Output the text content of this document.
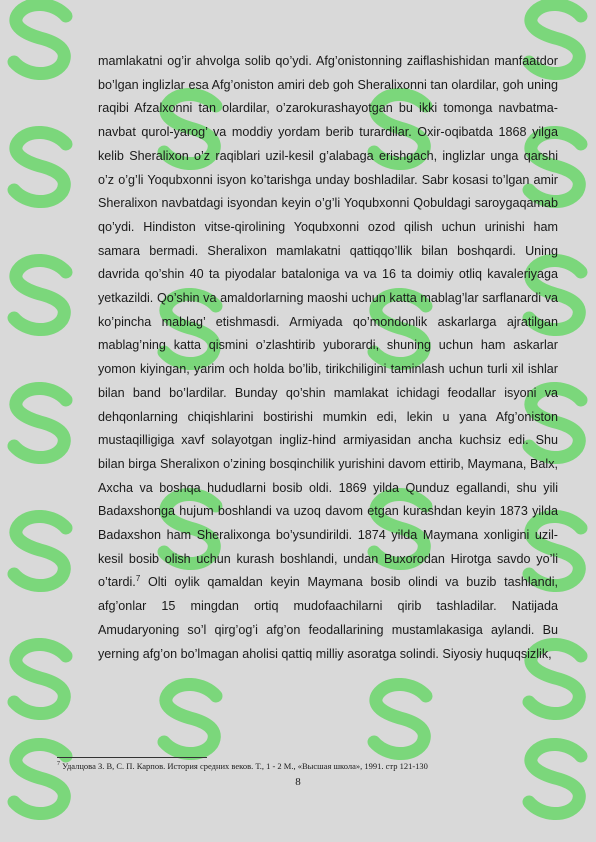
mamlakatni og’ir ahvolga solib qo’ydi. Afg’onistonning zaiflashishidan manfaatdor bo’lgan inglizlar esa Afg’oniston amiri deb goh Sheralixonni tan olardilar, goh uning raqibi Afzalxonni tan olardilar, o’zarokurashayotgan bu ikki tomonga navbatma-navbat qurol-yarog’ va moddiy yordam berib turardilar. Oxir-oqibatda 1868 yilga kelib Sheralixon o’z raqiblari uzil-kesil g’alabaga erishgach, inglizlar unga qarshi o’z o’g’li Yoqubxonni isyon ko’tarishga unday boshladilar. Sabr kosasi to’lgan amir Sheralixon navbatdagi isyondan keyin o’g’li Yoqubxonni Qobuldagi saroygaqamab qo’ydi. Hindiston vitse-qirolining Yoqubxonni ozod qilish uchun urinishi ham samara bermadi. Sheralixon mamlakatni qattiqqo’llik bilan boshqardi. Uning davrida qo’shin 40 ta piyodalar bataloniga va va 16 ta doimiy otliq kavaleriyaga yetkazildi. Qo’shin va amaldorlarning maoshi uchun katta mablag’lar sarflanardi va ko’pincha mablag’ etishmasdi. Armiyada qo’mondonlik askarlarga ajratilgan mablag’ning katta qismini o’zlashtirib yuborardi, shuning uchun ham askarlar yomon kiyingan, yarim och holda bo’lib, tirikchiligini taminlash uchun turli xil ishlar bilan band bo’lardilar. Bunday qo’shin mamlakat ichidagi feodallar isyoni va dehqonlarning chiqishlarini bostirishi mumkin edi, lekin u yana Afg’oniston mustaqilligiga xavf solayotgan ingliz-hind armiyasidan ancha kuchsiz edi. Shu bilan birga Sheralixon o’zining bosqinchilik yurishini davom ettirib, Maymana, Balx, Axcha va boshqa hududlarni bosib oldi. 1869 yilda Qunduz egallandi, shu yili Badaxshonga hujum boshlandi va uzoq davom etgan kurashdan keyin 1873 yilda Badaxshon ham Sheralixonga bo’ysundirildi. 1874 yilda Maymana xonligini uzil-kesil bosib olish uchun kurash boshlandi, undan Buxorodan Hirotga savdo yo’li o’tardi.$^7$ Olti oylik qamaldan keyin Maymana bosib olindi va buzib tashlandi, afg’onlar 15 mingdan ortiq mudofaachilarni qirib tashladilar. Natijada Amudaryoning so’l qirg’og’i afg’on feodallarining mustamlakasiga aylandi. Bu yerning afg’on bo’lmagan aholisi qattiq milliy asoratga solindi. Siyosiy huquqsizlik,

$^7$ Удалцова З. В, С. П. Карпов. История средних веков. Т., 1 - 2 М., «Высшая школа», 1991. стр 121-130
8
